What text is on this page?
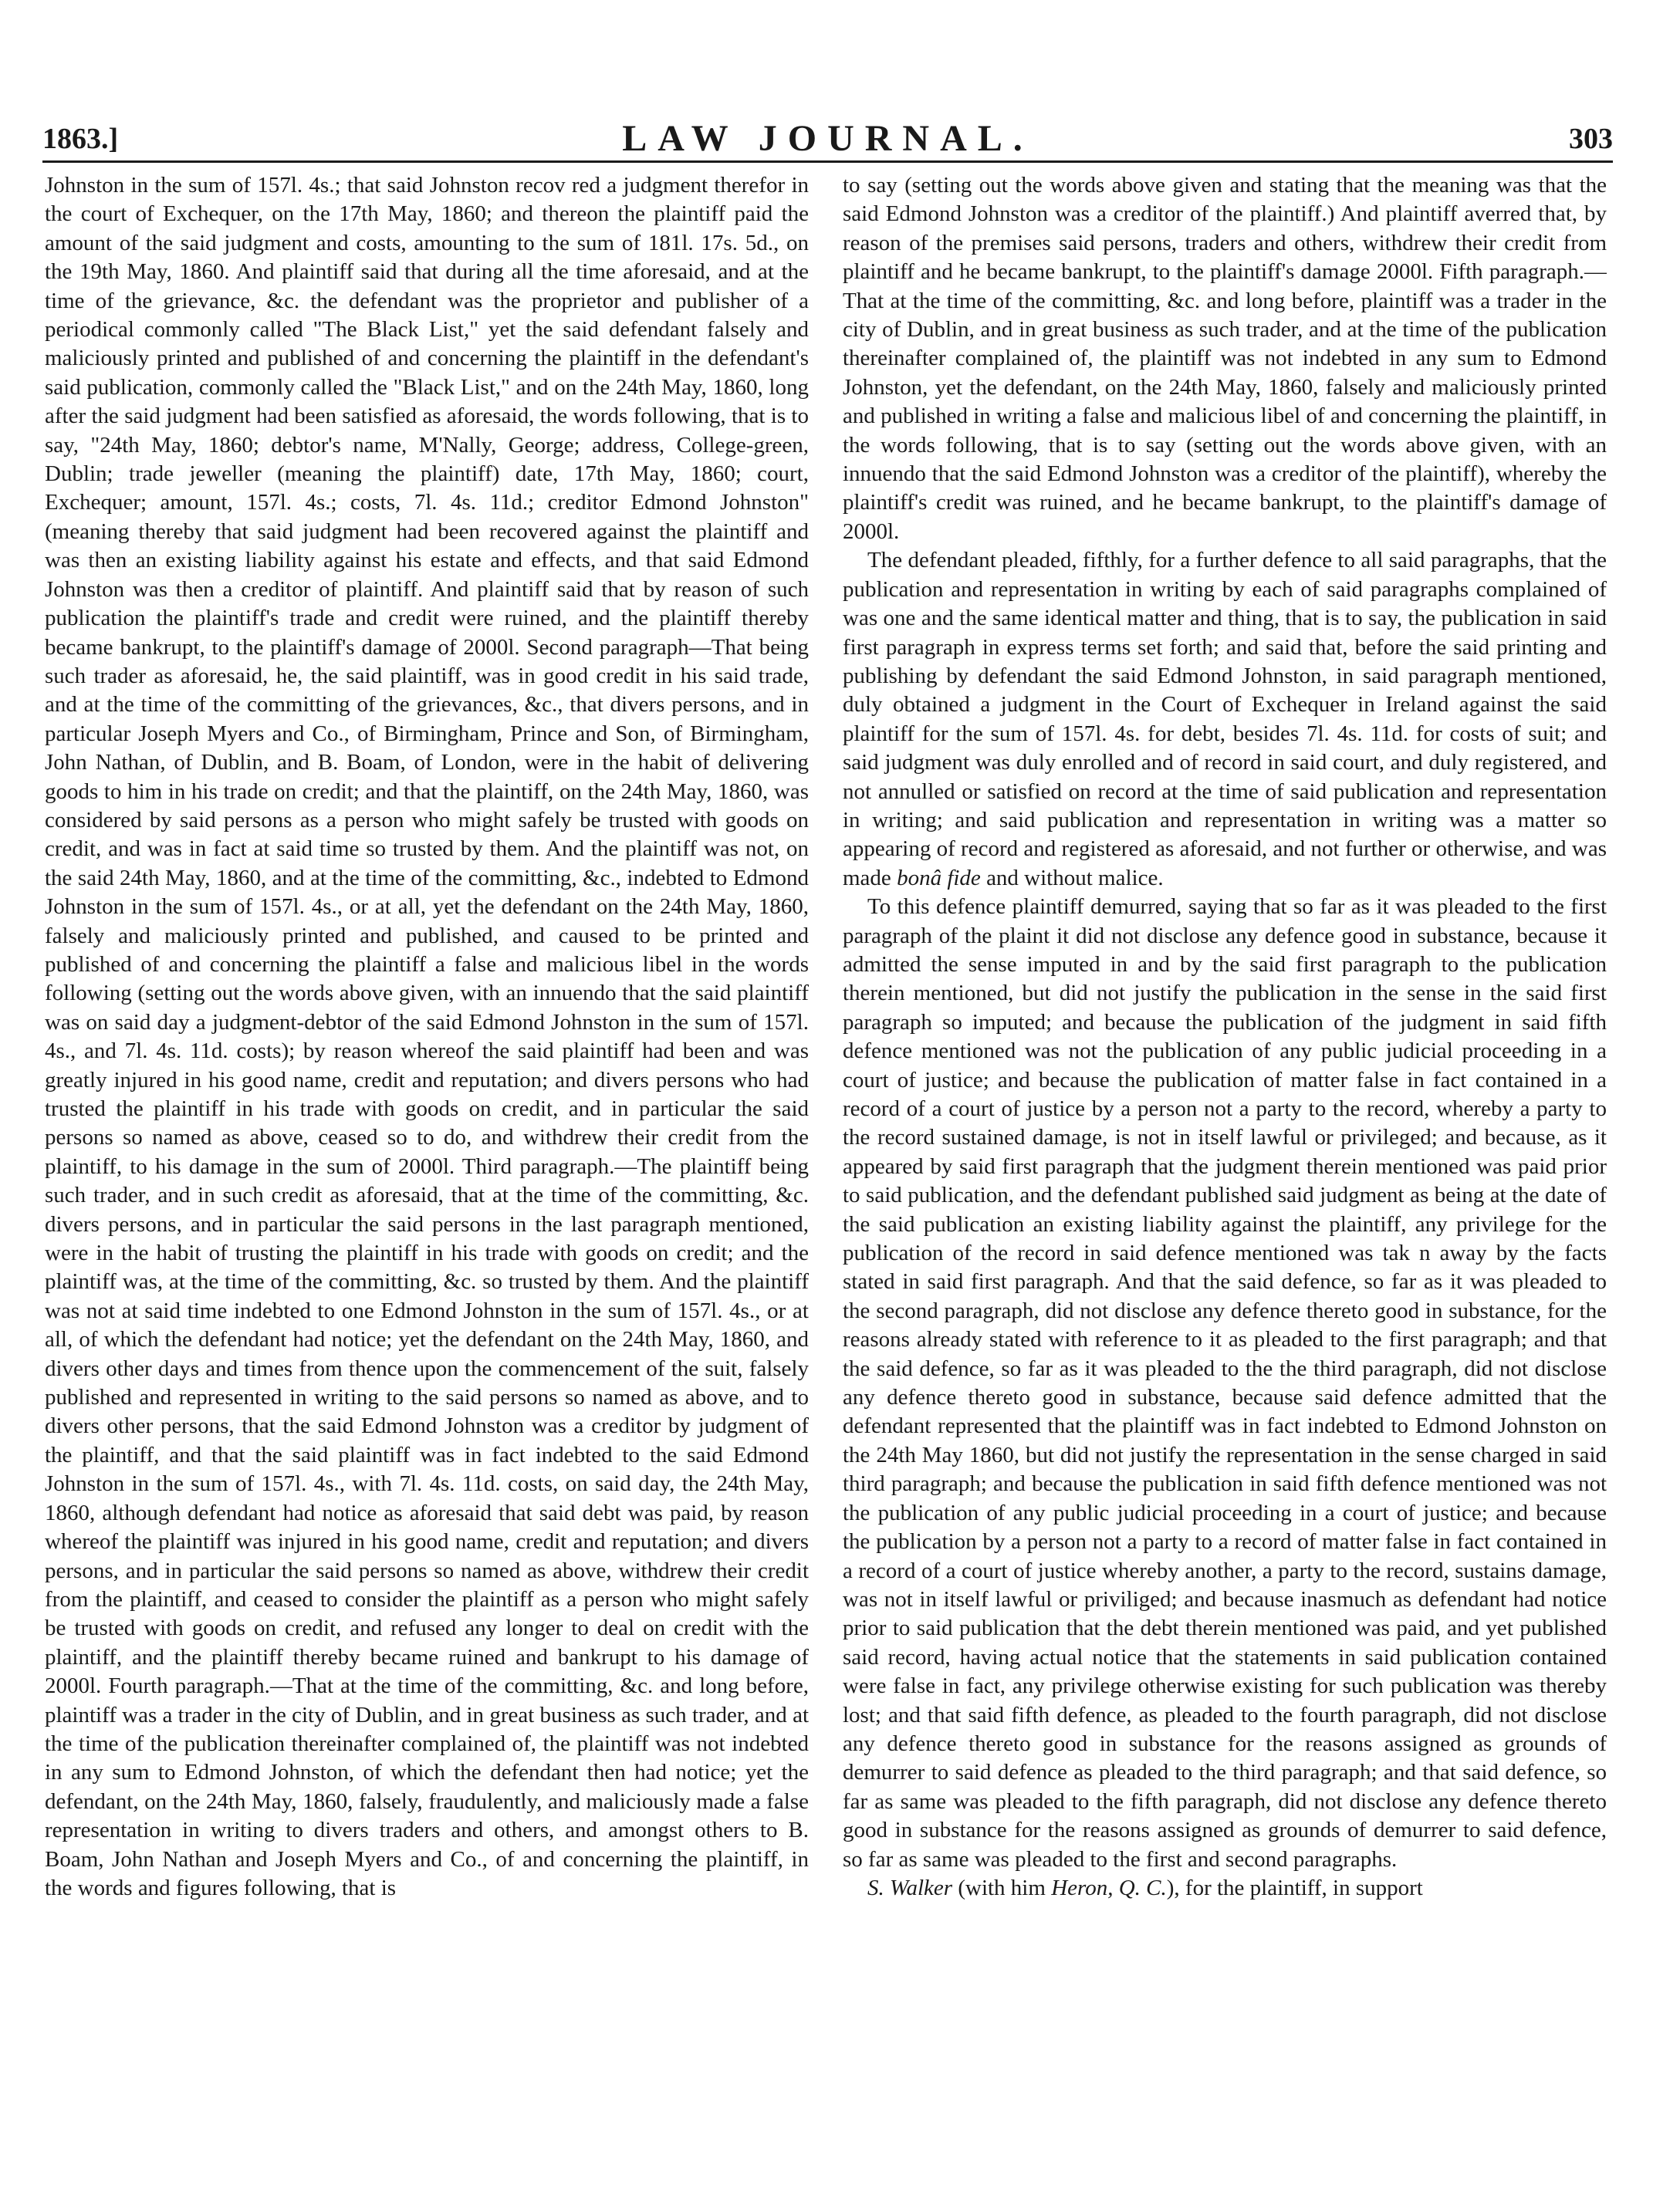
1863.]	LAW JOURNAL.	303

Johnston in the sum of 157l. 4s.; that said Johnston recov red a judgment therefor in the court of Exchequer, on the 17th May, 1860; and thereon the plaintiff paid the amount of the said judgment and costs, amounting to the sum of 181l. 17s. 5d., on the 19th May, 1860. And plaintiff said that during all the time aforesaid, and at the time of the grievance, &c. the defendant was the proprietor and publisher of a periodical commonly called "The Black List," yet the said defendant falsely and maliciously printed and published of and concerning the plaintiff in the defendant's said publication, commonly called the "Black List," and on the 24th May, 1860, long after the said judgment had been satisfied as aforesaid, the words following, that is to say, "24th May, 1860; debtor's name, M'Nally, George; address, College-green, Dublin; trade jeweller (meaning the plaintiff) date, 17th May, 1860; court, Exchequer; amount, 157l. 4s.; costs, 7l. 4s. 11d.; creditor Edmond Johnston" (meaning thereby that said judgment had been recovered against the plaintiff and was then an existing liability against his estate and effects, and that said Edmond Johnston was then a creditor of plaintiff. And plaintiff said that by reason of such publication the plaintiff's trade and credit were ruined, and the plaintiff thereby became bankrupt, to the plaintiff's damage of 2000l. Second paragraph—That being such trader as aforesaid, he, the said plaintiff, was in good credit in his said trade, and at the time of the committing of the grievances, &c., that divers persons, and in particular Joseph Myers and Co., of Birmingham, Prince and Son, of Birmingham, John Nathan, of Dublin, and B. Boam, of London, were in the habit of delivering goods to him in his trade on credit; and that the plaintiff, on the 24th May, 1860, was considered by said persons as a person who might safely be trusted with goods on credit, and was in fact at said time so trusted by them. And the plaintiff was not, on the said 24th May, 1860, and at the time of the committing, &c., indebted to Edmond Johnston in the sum of 157l. 4s., or at all, yet the defendant on the 24th May, 1860, falsely and maliciously printed and published, and caused to be printed and published of and concerning the plaintiff a false and malicious libel in the words following (setting out the words above given, with an innuendo that the said plaintiff was on said day a judgment-debtor of the said Edmond Johnston in the sum of 157l. 4s., and 7l. 4s. 11d. costs); by reason whereof the said plaintiff had been and was greatly injured in his good name, credit and reputation; and divers persons who had trusted the plaintiff in his trade with goods on credit, and in particular the said persons so named as above, ceased so to do, and withdrew their credit from the plaintiff, to his damage in the sum of 2000l. Third paragraph.—The plaintiff being such trader, and in such credit as aforesaid, that at the time of the committing, &c. divers persons, and in particular the said persons in the last paragraph mentioned, were in the habit of trusting the plaintiff in his trade with goods on credit; and the plaintiff was, at the time of the committing, &c. so trusted by them. And the plaintiff was not at said time indebted to one Edmond Johnston in the sum of 157l. 4s., or at all, of which the defendant had notice; yet the defendant on the 24th May, 1860, and divers other days and times from thence upon the commencement of the suit, falsely published and represented in writing to the said persons so named as above, and to divers other persons, that the said Edmond Johnston was a creditor by judgment of the plaintiff, and that the said plaintiff was in fact indebted to the said Edmond Johnston in the sum of 157l. 4s., with 7l. 4s. 11d. costs, on said day, the 24th May, 1860, although defendant had notice as aforesaid that said debt was paid, by reason whereof the plaintiff was injured in his good name, credit and reputation; and divers persons, and in particular the said persons so named as above, withdrew their credit from the plaintiff, and ceased to consider the plaintiff as a person who might safely be trusted with goods on credit, and refused any longer to deal on credit with the plaintiff, and the plaintiff thereby became ruined and bankrupt to his damage of 2000l. Fourth paragraph.—That at the time of the committing, &c. and long before, plaintiff was a trader in the city of Dublin, and in great business as such trader, and at the time of the publication thereinafter complained of, the plaintiff was not indebted in any sum to Edmond Johnston, of which the defendant then had notice; yet the defendant, on the 24th May, 1860, falsely, fraudulently, and maliciously made a false representation in writing to divers traders and others, and amongst others to B. Boam, John Nathan and Joseph Myers and Co., of and concerning the plaintiff, in the words and figures following, that is

to say (setting out the words above given and stating that the meaning was that the said Edmond Johnston was a creditor of the plaintiff.) And plaintiff averred that, by reason of the premises said persons, traders and others, withdrew their credit from plaintiff and he became bankrupt, to the plaintiff's damage 2000l. Fifth paragraph.—That at the time of the committing, &c. and long before, plaintiff was a trader in the city of Dublin, and in great business as such trader, and at the time of the publication thereinafter complained of, the plaintiff was not indebted in any sum to Edmond Johnston, yet the defendant, on the 24th May, 1860, falsely and maliciously printed and published in writing a false and malicious libel of and concerning the plaintiff, in the words following, that is to say (setting out the words above given, with an innuendo that the said Edmond Johnston was a creditor of the plaintiff), whereby the plaintiff's credit was ruined, and he became bankrupt, to the plaintiff's damage of 2000l.

The defendant pleaded, fifthly, for a further defence to all said paragraphs, that the publication and representation in writing by each of said paragraphs complained of was one and the same identical matter and thing, that is to say, the publication in said first paragraph in express terms set forth; and said that, before the said printing and publishing by defendant the said Edmond Johnston, in said paragraph mentioned, duly obtained a judgment in the Court of Exchequer in Ireland against the said plaintiff for the sum of 157l. 4s. for debt, besides 7l. 4s. 11d. for costs of suit; and said judgment was duly enrolled and of record in said court, and duly registered, and not annulled or satisfied on record at the time of said publication and representation in writing; and said publication and representation in writing was a matter so appearing of record and registered as aforesaid, and not further or otherwise, and was made bonâ fide and without malice.

To this defence plaintiff demurred, saying that so far as it was pleaded to the first paragraph of the plaint it did not disclose any defence good in substance, because it admitted the sense imputed in and by the said first paragraph to the publication therein mentioned, but did not justify the publication in the sense in the said first paragraph so imputed; and because the publication of the judgment in said fifth defence mentioned was not the publication of any public judicial proceeding in a court of justice; and because the publication of matter false in fact contained in a record of a court of justice by a person not a party to the record, whereby a party to the record sustained damage, is not in itself lawful or privileged; and because, as it appeared by said first paragraph that the judgment therein mentioned was paid prior to said publication, and the defendant published said judgment as being at the date of the said publication an existing liability against the plaintiff, any privilege for the publication of the record in said defence mentioned was tak n away by the facts stated in said first paragraph. And that the said defence, so far as it was pleaded to the second paragraph, did not disclose any defence thereto good in substance, for the reasons already stated with reference to it as pleaded to the first paragraph; and that the said defence, so far as it was pleaded to the the third paragraph, did not disclose any defence thereto good in substance, because said defence admitted that the defendant represented that the plaintiff was in fact indebted to Edmond Johnston on the 24th May 1860, but did not justify the representation in the sense charged in said third paragraph; and because the publication in said fifth defence mentioned was not the publication of any public judicial proceeding in a court of justice; and because the publication by a person not a party to a record of matter false in fact contained in a record of a court of justice whereby another, a party to the record, sustains damage, was not in itself lawful or priviliged; and because inasmuch as defendant had notice prior to said publication that the debt therein mentioned was paid, and yet published said record, having actual notice that the statements in said publication contained were false in fact, any privilege otherwise existing for such publication was thereby lost; and that said fifth defence, as pleaded to the fourth paragraph, did not disclose any defence thereto good in substance for the reasons assigned as grounds of demurrer to said defence as pleaded to the third paragraph; and that said defence, so far as same was pleaded to the fifth paragraph, did not disclose any defence thereto good in substance for the reasons assigned as grounds of demurrer to said defence, so far as same was pleaded to the first and second paragraphs.

S. Walker (with him Heron, Q. C.), for the plaintiff, in support
